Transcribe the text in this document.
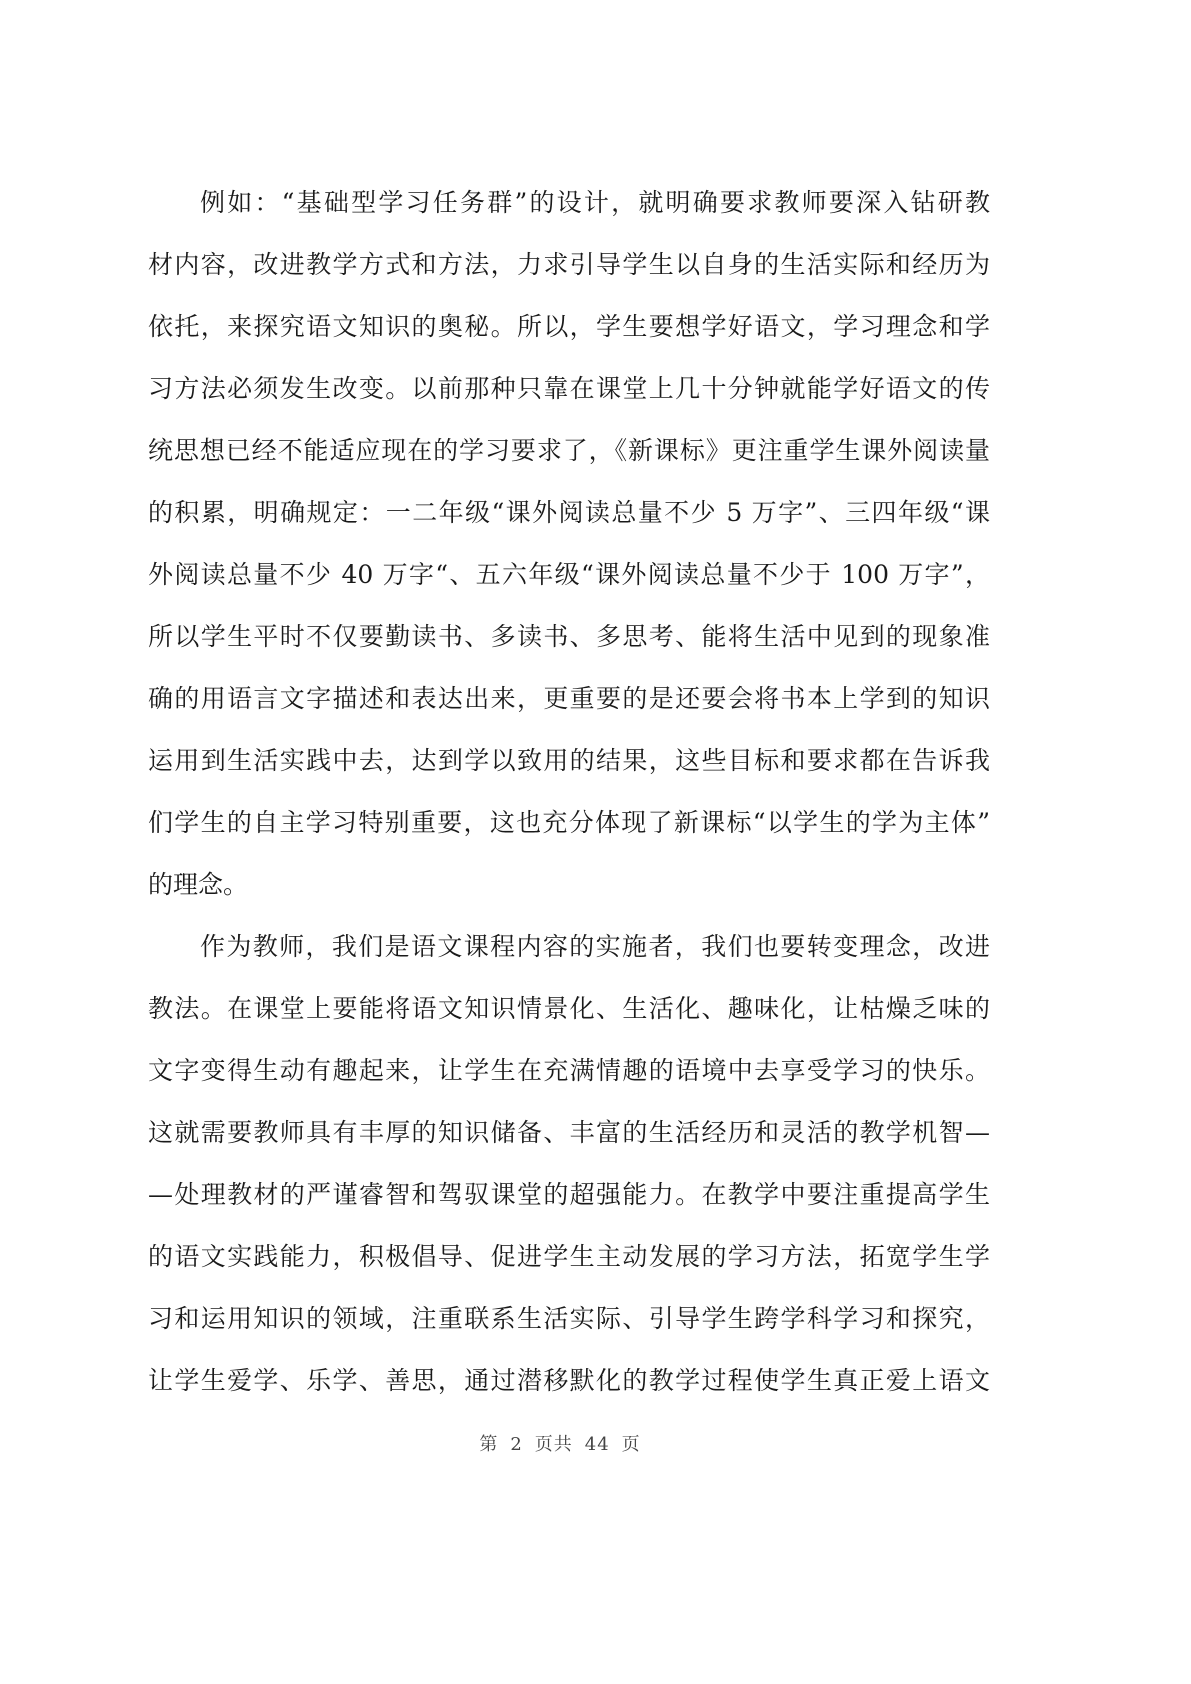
例如：“基础型学习任务群”的设计，就明确要求教师要深入钻研教
材内容，改进教学方式和方法，力求引导学生以自身的生活实际和经历为
依托，来探究语文知识的奥秘。所以，学生要想学好语文，学习理念和学
习方法必须发生改变。以前那种只靠在课堂上几十分钟就能学好语文的传
统思想已经不能适应现在的学习要求了，《新课标》更注重学生课外阅读量
的积累，明确规定：一二年级“课外阅读总量不少 5 万字”、三四年级“课
外阅读总量不少 40 万字“、五六年级“课外阅读总量不少于 100 万字”，
所以学生平时不仅要勤读书、多读书、多思考、能将生活中见到的现象准
确的用语言文字描述和表达出来，更重要的是还要会将书本上学到的知识
运用到生活实践中去，达到学以致用的结果，这些目标和要求都在告诉我
们学生的自主学习特别重要，这也充分体现了新课标“以学生的学为主体”
的理念。
作为教师，我们是语文课程内容的实施者，我们也要转变理念，改进
教法。在课堂上要能将语文知识情景化、生活化、趣味化，让枯燥乏味的
文字变得生动有趣起来，让学生在充满情趣的语境中去享受学习的快乐。
这就需要教师具有丰厚的知识储备、丰富的生活经历和灵活的教学机智—
—处理教材的严谨睿智和驾驭课堂的超强能力。在教学中要注重提高学生
的语文实践能力，积极倡导、促进学生主动发展的学习方法，拓宽学生学
习和运用知识的领域，注重联系生活实际、引导学生跨学科学习和探究，
让学生爱学、乐学、善思，通过潜移默化的教学过程使学生真正爱上语文
第 2 页共 44 页
